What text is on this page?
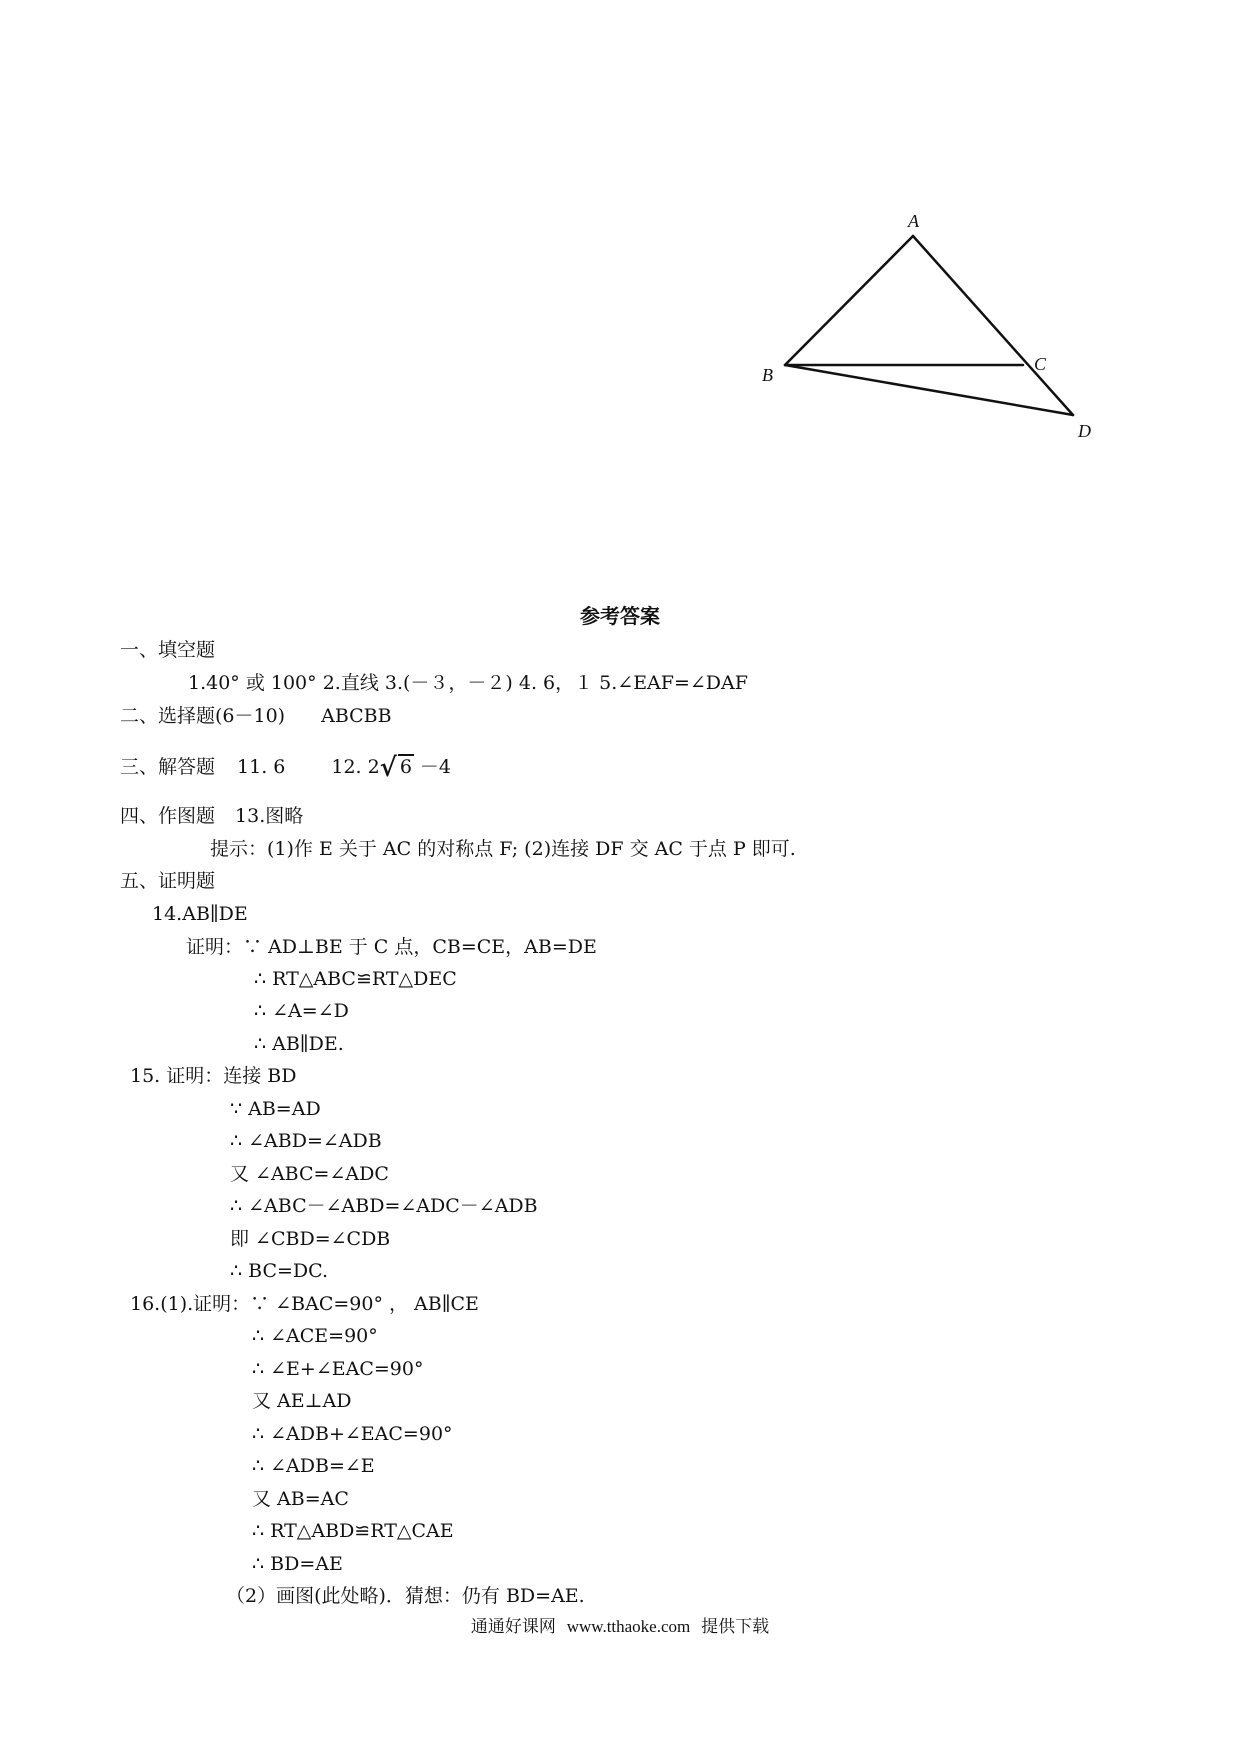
A
B
C
D
参考答案
一、填空题
1.40° 或 100° 2.直线 3.(－３，－２) 4. 6，１ 5.∠EAF=∠DAF
二、选择题(6－10) ABCBB
三、解答题 11. 6 12. 2√ 6 －4
四、作图题 13.图略
提示：(1)作 E 关于 AC 的对称点 F; (2)连接 DF 交 AC 于点 P 即可.
五、证明题
14.AB∥DE
证明：∵ AD⊥BE 于 C 点，CB=CE，AB=DE
∴ RT△ABC≌RT△DEC
∴ ∠A=∠D
∴ AB∥DE.
15. 证明：连接 BD
∵ AB=AD
∴ ∠ABD=∠ADB
又 ∠ABC=∠ADC
∴ ∠ABC－∠ABD=∠ADC－∠ADB
即 ∠CBD=∠CDB
∴ BC=DC.
16.(1).证明：∵ ∠BAC=90° ， AB∥CE
∴ ∠ACE=90°
∴ ∠E+∠EAC=90°
又 AE⊥AD
∴ ∠ADB+∠EAC=90°
∴ ∠ADB=∠E
又 AB=AC
∴ RT△ABD≌RT△CAE
∴ BD=AE
（2）画图(此处略)．猜想：仍有 BD=AE.
通通好课网 www.tthaoke.com 提供下载
